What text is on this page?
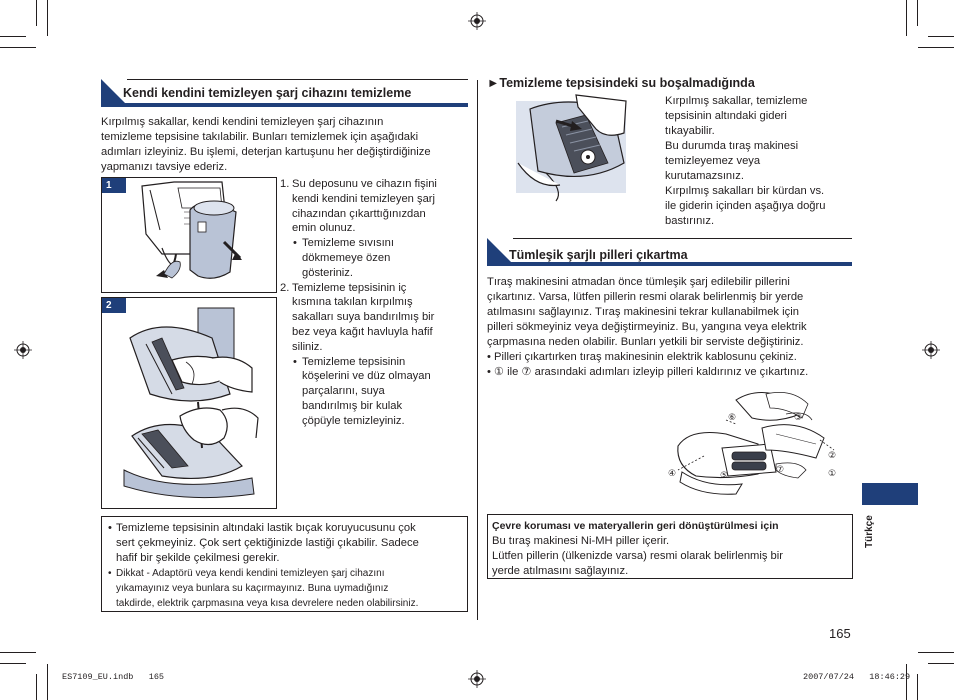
Kendi kendini temizleyen şarj cihazını temizleme

Kırpılmış sakallar, kendi kendini temizleyen şarj cihazının

temizleme tepsisine takılabilir. Bunları temizlemek için aşağıdaki

adımları izleyiniz. Bu işlemi, deterjan kartuşunu her değiştirdiğinize

yapmanızı tavsiye ederiz.

1
2
1. Su deposunu ve cihazın fişini
kendi kendini temizleyen şarj
cihazından çıkarttığınızdan
emin olunuz.
• Temizleme sıvısını
dökmemeye özen
gösteriniz.
2. Temizleme tepsisinin iç
kısmına takılan kırpılmış
sakalları suya bandırılmış bir
bez veya kağıt havluyla hafif
siliniz.
• Temizleme tepsisinin
köşelerini ve düz olmayan
parçalarını, suya
bandırılmış bir kulak
çöpüyle temizleyiniz.
• Temizleme tepsisinin altındaki lastik bıçak koruyucusunu çok
sert çekmeyiniz. Çok sert çektiğinizde lastiği çıkabilir. Sadece
hafif bir şekilde çekilmesi gerekir.
• Dikkat - Adaptörü veya kendi kendini temizleyen şarj cihazını
yıkamayınız veya bunlara su kaçırmayınız. Buna uymadığınız
takdirde, elektrik çarpmasına veya kısa devrelere neden olabilirsiniz.
►Temizleme tepsisindeki su boşalmadığında

Kırpılmış sakallar, temizleme

tepsisinin altındaki gideri

tıkayabilir.

Bu durumda tıraş makinesi

temizleyemez veya

kurutamazsınız.

Kırpılmış sakalları bir kürdan vs.

ile giderin içinden aşağıya doğru

bastırınız.

Tümleşik şarjlı pilleri çıkartma

Tıraş makinesini atmadan önce tümleşik şarj edilebilir pillerini

çıkartınız. Varsa, lütfen pillerin resmi olarak belirlenmiş bir yerde

atılmasını sağlayınız. Tıraş makinesini tekrar kullanabilmek için

pilleri sökmeyiniz veya değiştirmeyiniz. Bu, yangına veya elektrik

çarpmasına neden olabilir. Bunları yetkili bir serviste değiştiriniz.

• Pilleri çıkartırken tıraş makinesinin elektrik kablosunu çekiniz.

• ① ile ⑦ arasındaki adımları izleyip pilleri kaldırınız ve çıkartınız.

①
②
③
④	⑤
⑥
⑦
Çevre koruması ve materyallerin geri dönüştürülmesi için
Bu tıraş makinesi Ni-MH piller içerir.
Lütfen pillerin (ülkenizde varsa) resmi olarak belirlenmiş bir
yerde atılmasını sağlayınız.
Türkçe
165
ES7109_EU.indb   165	2007/07/24   18:46:29
